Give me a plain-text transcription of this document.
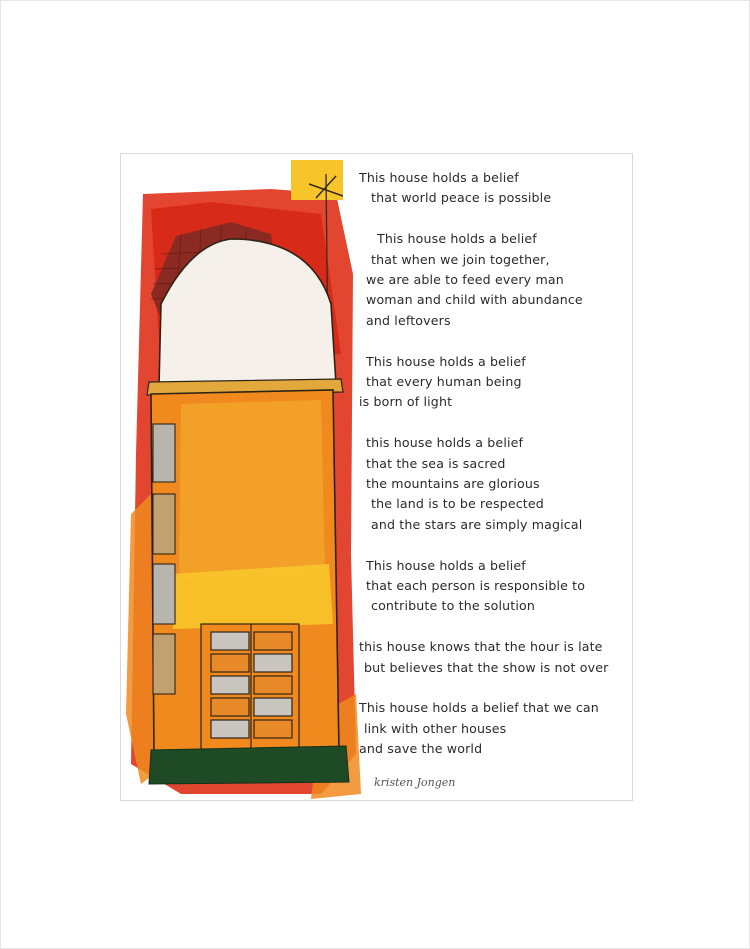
This house holds a belief
that world peace is possible
This house holds a belief
that when we join together,
we are able to feed every man
woman and child with abundance
and leftovers
This house holds a belief
that every human being
is born of light
this house holds a belief
that the sea is sacred
the mountains are glorious
the land is to be respected
and the stars are simply magical
This house holds a belief
that each person is responsible to
contribute to the solution
this house knows that the hour is late
but believes that the show is not over
This house holds a belief that we can
link with other houses
and save the world
kristen Jongen
